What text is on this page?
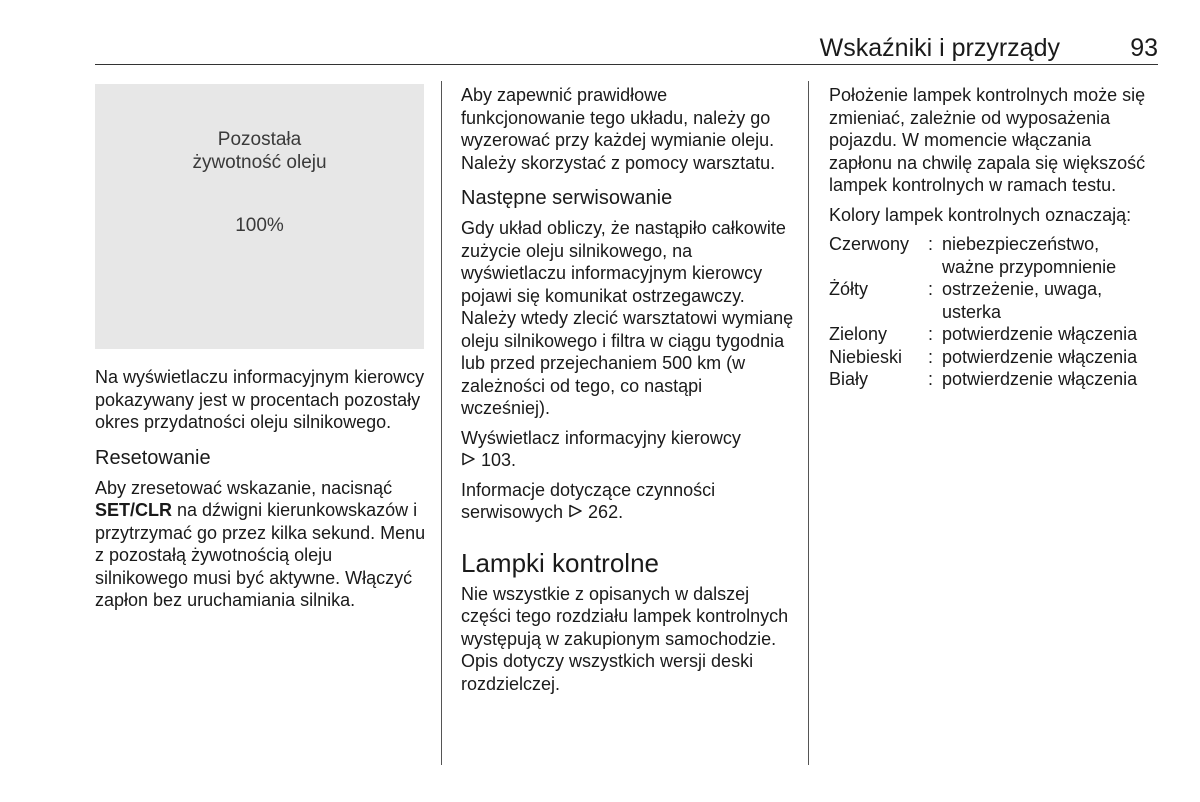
Wskaźniki i przyrządy	93
Pozostała
żywotność oleju
100%

Na wyświetlaczu informacyjnym kierowcy pokazywany jest w procentach pozostały okres przydatności oleju silnikowego.

Resetowanie

Aby zresetować wskazanie, nacisnąć SET/CLR na dźwigni kierunkowskazów i przytrzymać go przez kilka sekund. Menu z pozostałą żywotnością oleju silnikowego musi być aktywne. Włączyć zapłon bez uruchamiania silnika.

Aby zapewnić prawidłowe funkcjonowanie tego układu, należy go wyzerować przy każdej wymianie oleju. Należy skorzystać z pomocy warsztatu.

Następne serwisowanie

Gdy układ obliczy, że nastąpiło całkowite zużycie oleju silnikowego, na wyświetlaczu informacyjnym kierowcy pojawi się komunikat ostrzegawczy. Należy wtedy zlecić warsztatowi wymianę oleju silnikowego i filtra w ciągu tygodnia lub przed przejechaniem 500 km (w zależności od tego, co nastąpi wcześniej).

Wyświetlacz informacyjny kierowcy

103.

Informacje dotyczące czynności serwisowych 262.

Lampki kontrolne

Nie wszystkie z opisanych w dalszej części tego rozdziału lampek kontrolnych występują w zakupionym samochodzie. Opis dotyczy wszystkich wersji deski rozdzielczej.

Położenie lampek kontrolnych może się zmieniać, zależnie od wyposażenia pojazdu. W momencie włączania zapłonu na chwilę zapala się większość lampek kontrolnych w ramach testu.

Kolory lampek kontrolnych oznaczają:

Czerwony	: niebezpieczeństwo, ważne przypomnienie
Żółty	: ostrzeżenie, uwaga, usterka
Zielony	: potwierdzenie włączenia
Niebieski	: potwierdzenie włączenia
Biały	: potwierdzenie włączenia
